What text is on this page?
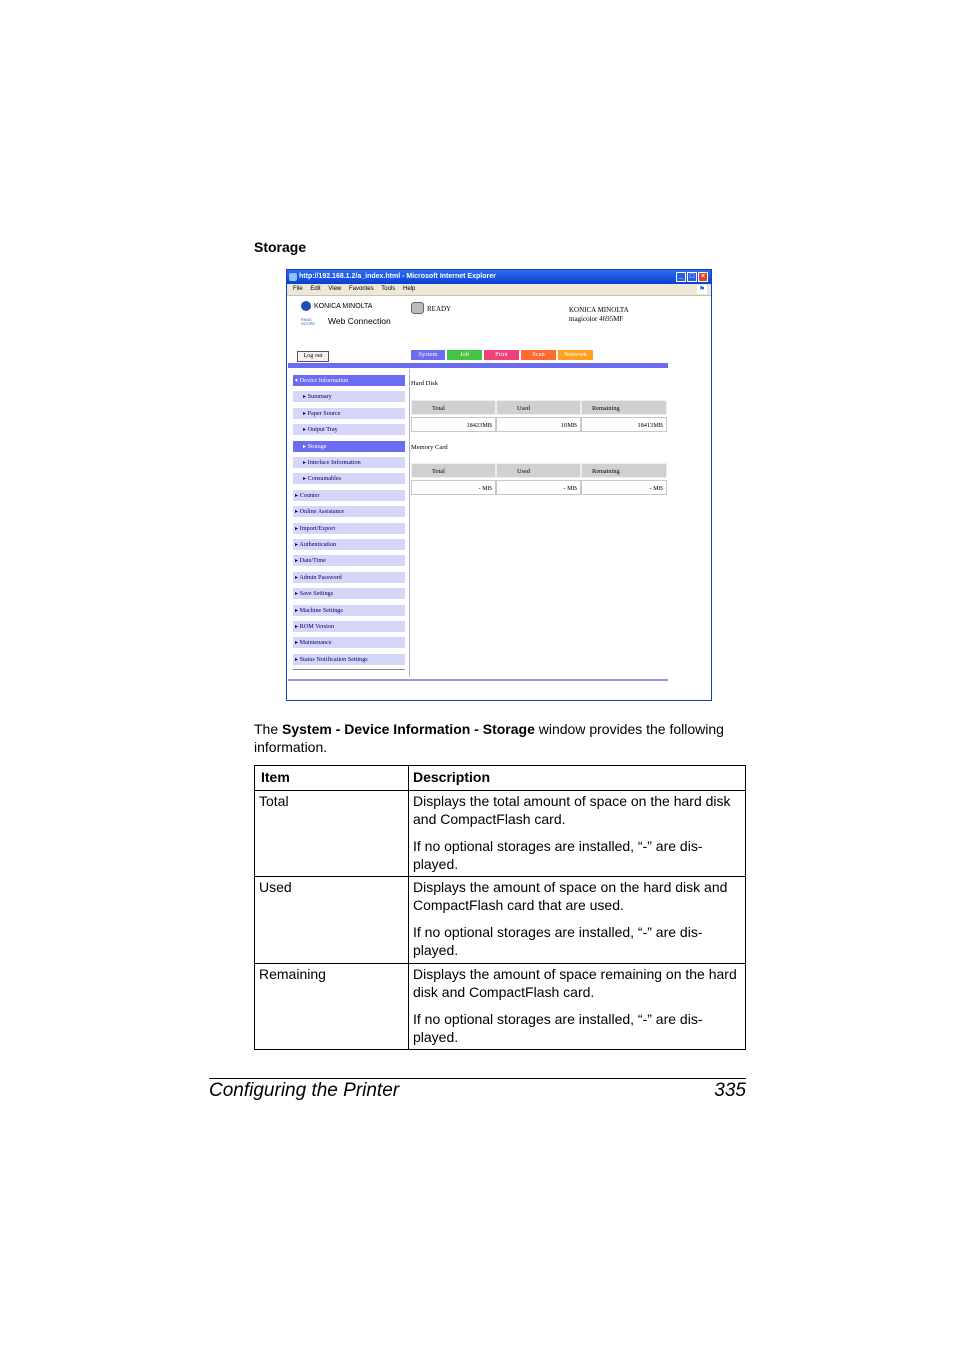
Storage
http://192.168.1.2/a_index.html - Microsoft Internet Explorer	_ □ ×
File Edit View Favorites Tools Help	⚑
KONICA MINOLTA
PAGE SCOPE Web Connection
READY	KONICA MINOLTA
magicolor 4695MF
Log out	System	Job	Print	Scan	Network
▾ Device Information
▸ Summary
▸ Paper Source
▸ Output Tray
▸ Storage
▸ Interface Information
▸ Consumables
▸ Counter
▸ Online Assistance
▸ Import/Export
▸ Authentication
▸ Date/Time
▸ Admin Password
▸ Save Settings
▸ Machine Settings
▸ ROM Version
▸ Maintenance
▸ Status Notification Settings
Hard Disk
Total	Used	Remaining
18423MB	10MB	18413MB
Memory Card
Total	Used	Remaining
- MB	- MB	- MB
The System - Device Information - Storage window provides the following information.
Item	Description
Total	Displays the total amount of space on the hard disk and CompactFlash card.
If no optional storages are installed, “-” are dis-played.
Used	Displays the amount of space on the hard disk and CompactFlash card that are used.
If no optional storages are installed, “-” are dis-played.
Remaining	Displays the amount of space remaining on the hard disk and CompactFlash card.
If no optional storages are installed, “-” are dis-played.
Configuring the Printer	335
